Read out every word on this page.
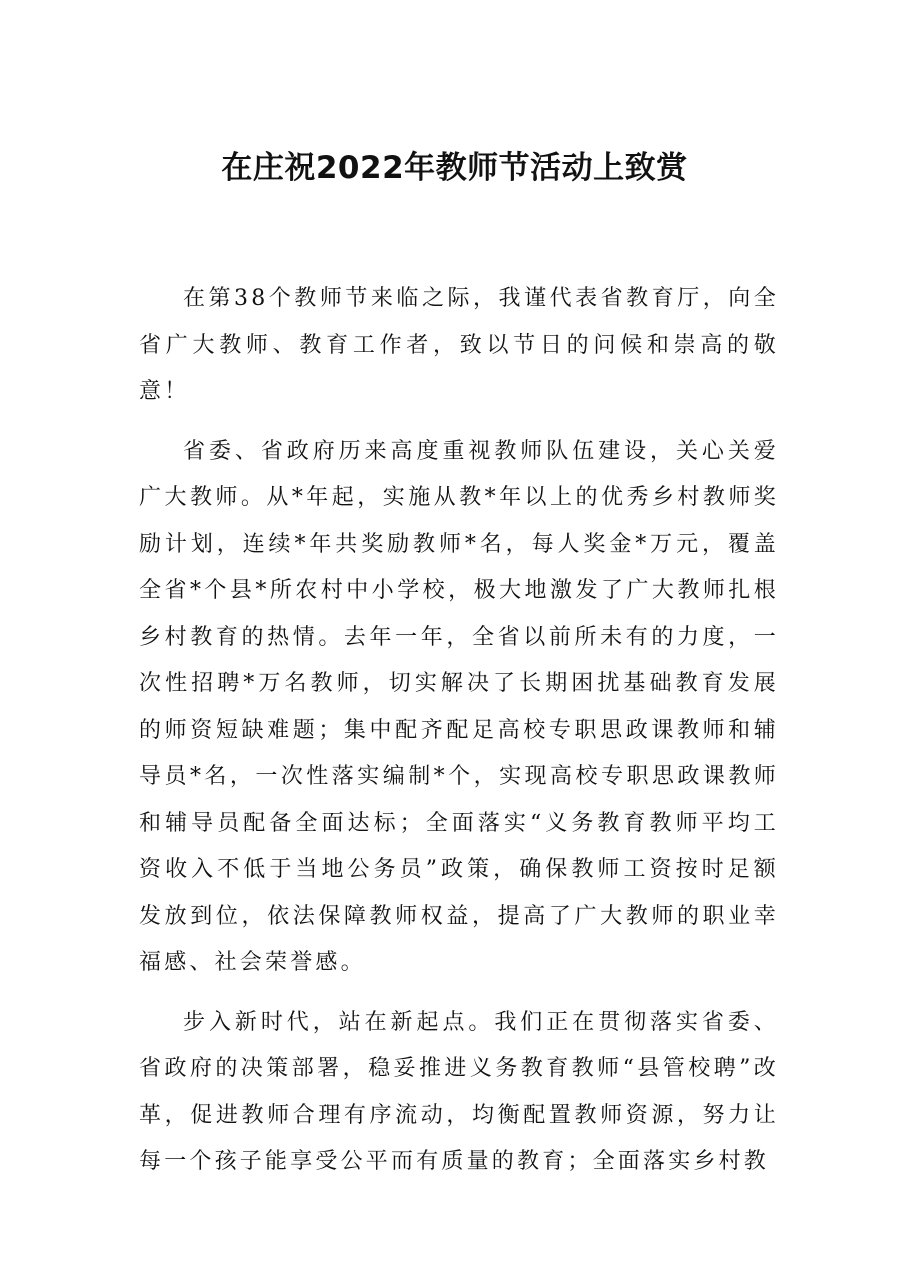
在庄祝2022年教师节活动上致赏

在第38个教师节来临之际，我谨代表省教育厅，向全省广大教师、教育工作者，致以节日的问候和崇高的敬意！

省委、省政府历来高度重视教师队伍建设，关心关爱广大教师。从*年起，实施从教*年以上的优秀乡村教师奖励计划，连续*年共奖励教师*名，每人奖金*万元，覆盖全省*个县*所农村中小学校，极大地激发了广大教师扎根乡村教育的热情。去年一年，全省以前所未有的力度，一次性招聘*万名教师，切实解决了长期困扰基础教育发展的师资短缺难题；集中配齐配足高校专职思政课教师和辅导员*名，一次性落实编制*个，实现高校专职思政课教师和辅导员配备全面达标；全面落实“义务教育教师平均工资收入不低于当地公务员”政策，确保教师工资按时足额发放到位，依法保障教师权益，提高了广大教师的职业幸福感、社会荣誉感。

步入新时代，站在新起点。我们正在贯彻落实省委、省政府的决策部署，稳妥推进义务教育教师“县管校聘”改革，促进教师合理有序流动，均衡配置教师资源，努力让每一个孩子能享受公平而有质量的教育；全面落实乡村教
